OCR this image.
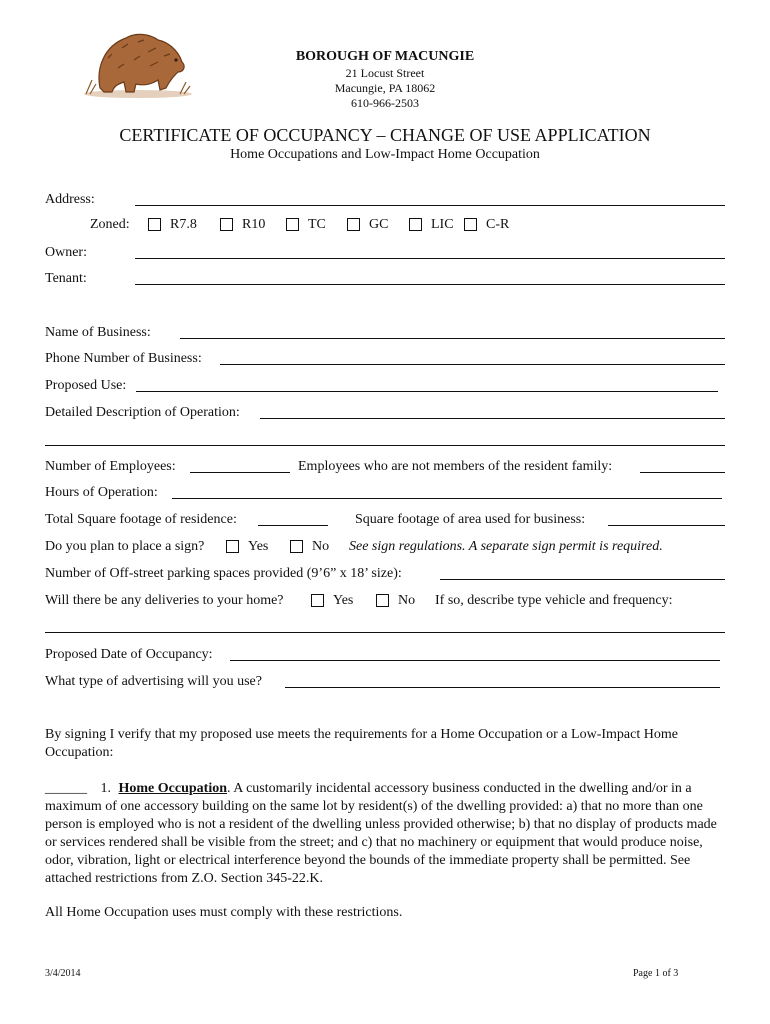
BOROUGH OF MACUNGIE
21 Locust Street
Macungie, PA 18062
610-966-2503
CERTIFICATE OF OCCUPANCY – CHANGE OF USE APPLICATION
Home Occupations and Low-Impact Home Occupation
Address:
Zoned:	R7.8	R10	TC	GC	LIC C-R
Owner:
Tenant:
Name of Business:
Phone Number of Business:
Proposed Use:
Detailed Description of Operation:
Number of Employees:	Employees who are not members of the resident family:
Hours of Operation:
Total Square footage of residence:	Square footage of area used for business:
Do you plan to place a sign?	Yes	No See sign regulations. A separate sign permit is required.
Number of Off-street parking spaces provided (9’6” x 18’ size):
Will there be any deliveries to your home?	Yes	No If so, describe type vehicle and frequency:
Proposed Date of Occupancy:
What type of advertising will you use?
By signing I verify that my proposed use meets the requirements for a Home Occupation or a Low-Impact Home Occupation:
______ 1. Home Occupation. A customarily incidental accessory business conducted in the dwelling and/or in a maximum of one accessory building on the same lot by resident(s) of the dwelling provided: a) that no more than one person is employed who is not a resident of the dwelling unless provided otherwise; b) that no display of products made or services rendered shall be visible from the street; and c) that no machinery or equipment that would produce noise, odor, vibration, light or electrical interference beyond the bounds of the immediate property shall be permitted. See attached restrictions from Z.O. Section 345-22.K.
All Home Occupation uses must comply with these restrictions.
3/4/2014	Page 1 of 3
